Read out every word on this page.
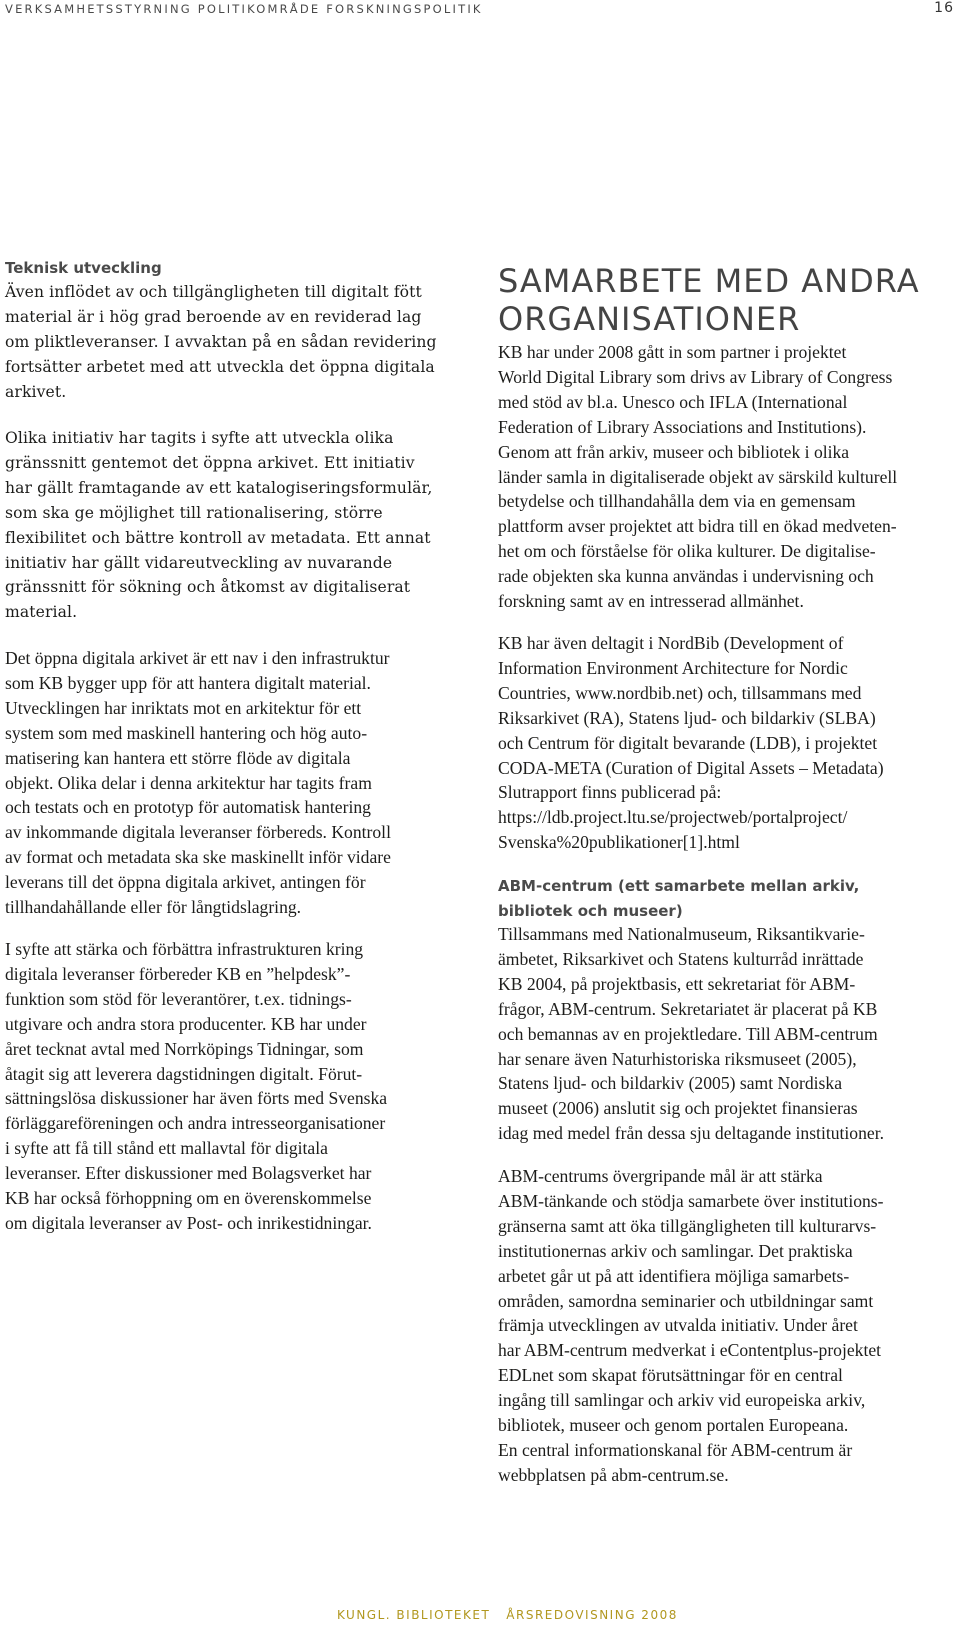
VERKSAMHETSSTYRNING POLITIKOMRÅDE FORSKNINGSPOLITIK	16
Teknisk utveckling

Även inflödet av och tillgängligheten till digitalt fött
material är i hög grad beroende av en reviderad lag
om pliktleveranser. I avvaktan på en sådan revidering
fortsätter arbetet med att utveckla det öppna digitala
arkivet.

Olika initiativ har tagits i syfte att utveckla olika
gränssnitt gentemot det öppna arkivet. Ett initiativ
har gällt framtagande av ett katalogiseringsformulär,
som ska ge möjlighet till rationalisering, större
flexibilitet och bättre kontroll av metadata. Ett annat
initiativ har gällt vidareutveckling av nuvarande
gränssnitt för sökning och åtkomst av digitaliserat
material.

Det öppna digitala arkivet är ett nav i den infrastruktur
som KB bygger upp för att hantera digitalt material.
Utvecklingen har inriktats mot en arkitektur för ett
system som med maskinell hantering och hög auto-
matisering kan hantera ett större flöde av digitala
objekt. Olika delar i denna arkitektur har tagits fram
och testats och en prototyp för automatisk hantering
av inkommande digitala leveranser förbereds. Kontroll
av format och metadata ska ske maskinellt inför vidare
leverans till det öppna digitala arkivet, antingen för
tillhandahållande eller för långtidslagring.

I syfte att stärka och förbättra infrastrukturen kring
digitala leveranser förbereder KB en ”helpdesk”-
funktion som stöd för leverantörer, t.ex. tidnings-
utgivare och andra stora producenter. KB har under
året tecknat avtal med Norrköpings Tidningar, som
åtagit sig att leverera dagstidningen digitalt. Förut-
sättningslösa diskussioner har även förts med Svenska
förläggareföreningen och andra intresseorganisationer
i syfte att få till stånd ett mallavtal för digitala
leveranser. Efter diskussioner med Bolagsverket har
KB har också förhoppning om en överenskommelse
om digitala leveranser av Post- och inrikestidningar.

SAMARBETE MED ANDRA
ORGANISATIONER

KB har under 2008 gått in som partner i projektet
World Digital Library som drivs av Library of Congress
med stöd av bl.a. Unesco och IFLA (International
Federation of Library Associations and Institutions).
Genom att från arkiv, museer och bibliotek i olika
länder samla in digitaliserade objekt av särskild kulturell
betydelse och tillhandahålla dem via en gemensam
plattform avser projektet att bidra till en ökad medveten-
het om och förståelse för olika kulturer. De digitalise-
rade objekten ska kunna användas i undervisning och
forskning samt av en intresserad allmänhet.

KB har även deltagit i NordBib (Development of
Information Environment Architecture for Nordic
Countries, www.nordbib.net) och, tillsammans med
Riksarkivet (RA), Statens ljud- och bildarkiv (SLBA)
och Centrum för digitalt bevarande (LDB), i projektet
CODA-META (Curation of Digital Assets – Metadata)
Slutrapport finns publicerad på:
https://ldb.project.ltu.se/projectweb/portalproject/
Svenska%20publikationer[1].html

ABM-centrum (ett samarbete mellan arkiv,
bibliotek och museer)

Tillsammans med Nationalmuseum, Riksantikvarie-
ämbetet, Riksarkivet och Statens kulturråd inrättade
KB 2004, på projektbasis, ett sekretariat för ABM-
frågor, ABM-centrum. Sekretariatet är placerat på KB
och bemannas av en projektledare. Till ABM-centrum
har senare även Naturhistoriska riksmuseet (2005),
Statens ljud- och bildarkiv (2005) samt Nordiska
museet (2006) anslutit sig och projektet finansieras
idag med medel från dessa sju deltagande institutioner.

ABM-centrums övergripande mål är att stärka
ABM-tänkande och stödja samarbete över institutions-
gränserna samt att öka tillgängligheten till kulturarvs-
institutionernas arkiv och samlingar. Det praktiska
arbetet går ut på att identifiera möjliga samarbets-
områden, samordna seminarier och utbildningar samt
främja utvecklingen av utvalda initiativ. Under året
har ABM-centrum medverkat i eContentplus-projektet
EDLnet som skapat förutsättningar för en central
ingång till samlingar och arkiv vid europeiska arkiv,
bibliotek, museer och genom portalen Europeana.
En central informationskanal för ABM-centrum är
webbplatsen på abm-centrum.se.

KUNGL. BIBLIOTEKET ÅRSREDOVISNING 2008
